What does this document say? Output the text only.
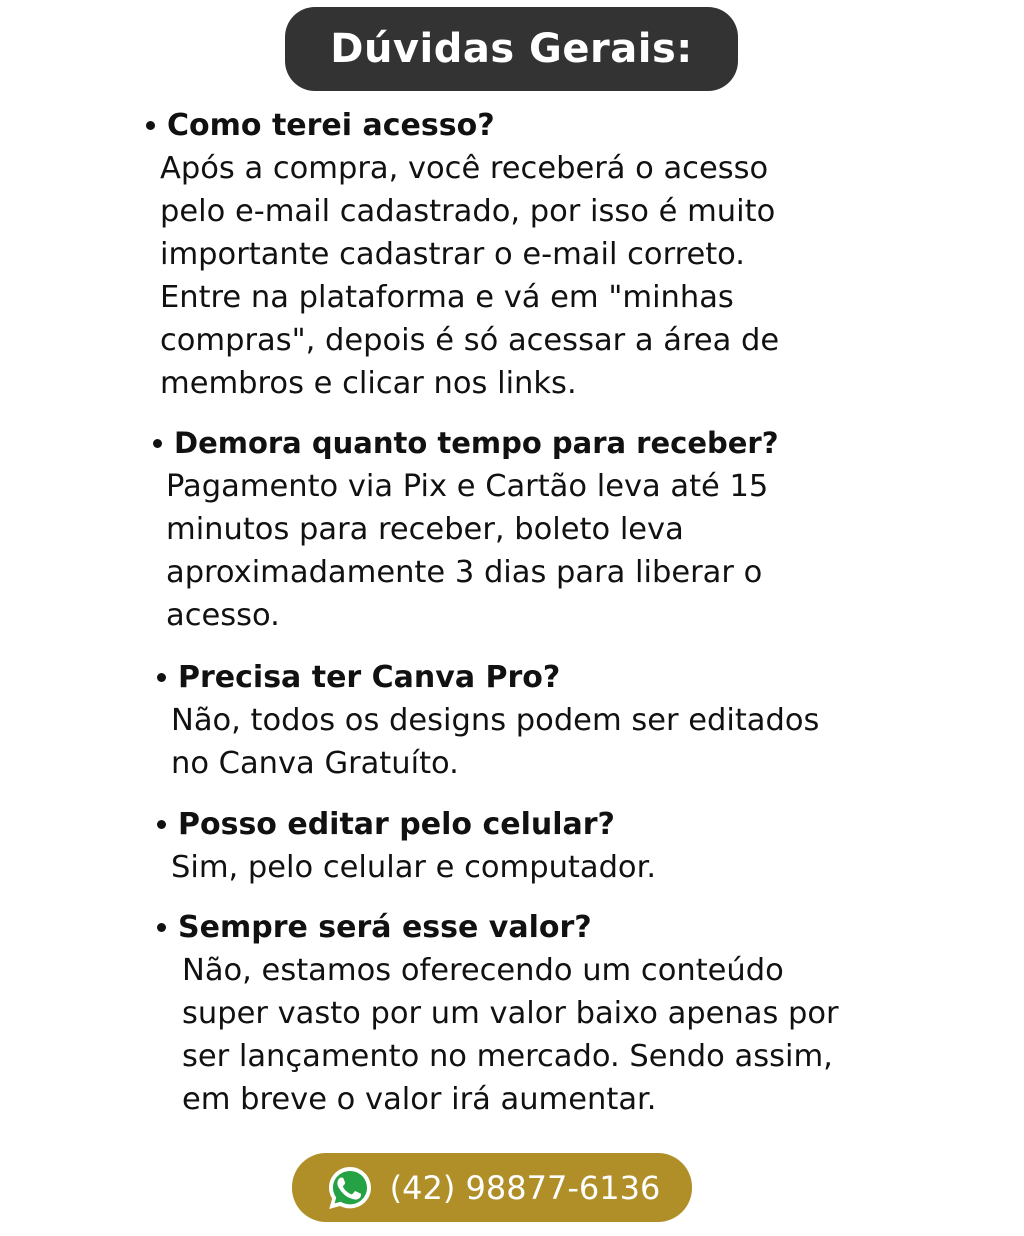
Dúvidas Gerais:
Como terei acesso?
Após a compra, você receberá o acesso
pelo e-mail cadastrado, por isso é muito
importante cadastrar o e-mail correto.
Entre na plataforma e vá em "minhas
compras", depois é só acessar a área de
membros e clicar nos links.
Demora quanto tempo para receber?
Pagamento via Pix e Cartão leva até 15
minutos para receber, boleto leva
aproximadamente 3 dias para liberar o
acesso.
Precisa ter Canva Pro?
Não, todos os designs podem ser editados
no Canva Gratuíto.
Posso editar pelo celular?
Sim, pelo celular e computador.
Sempre será esse valor?
Não, estamos oferecendo um conteúdo
super vasto por um valor baixo apenas por
ser lançamento no mercado. Sendo assim,
em breve o valor irá aumentar.
(42) 98877-6136
